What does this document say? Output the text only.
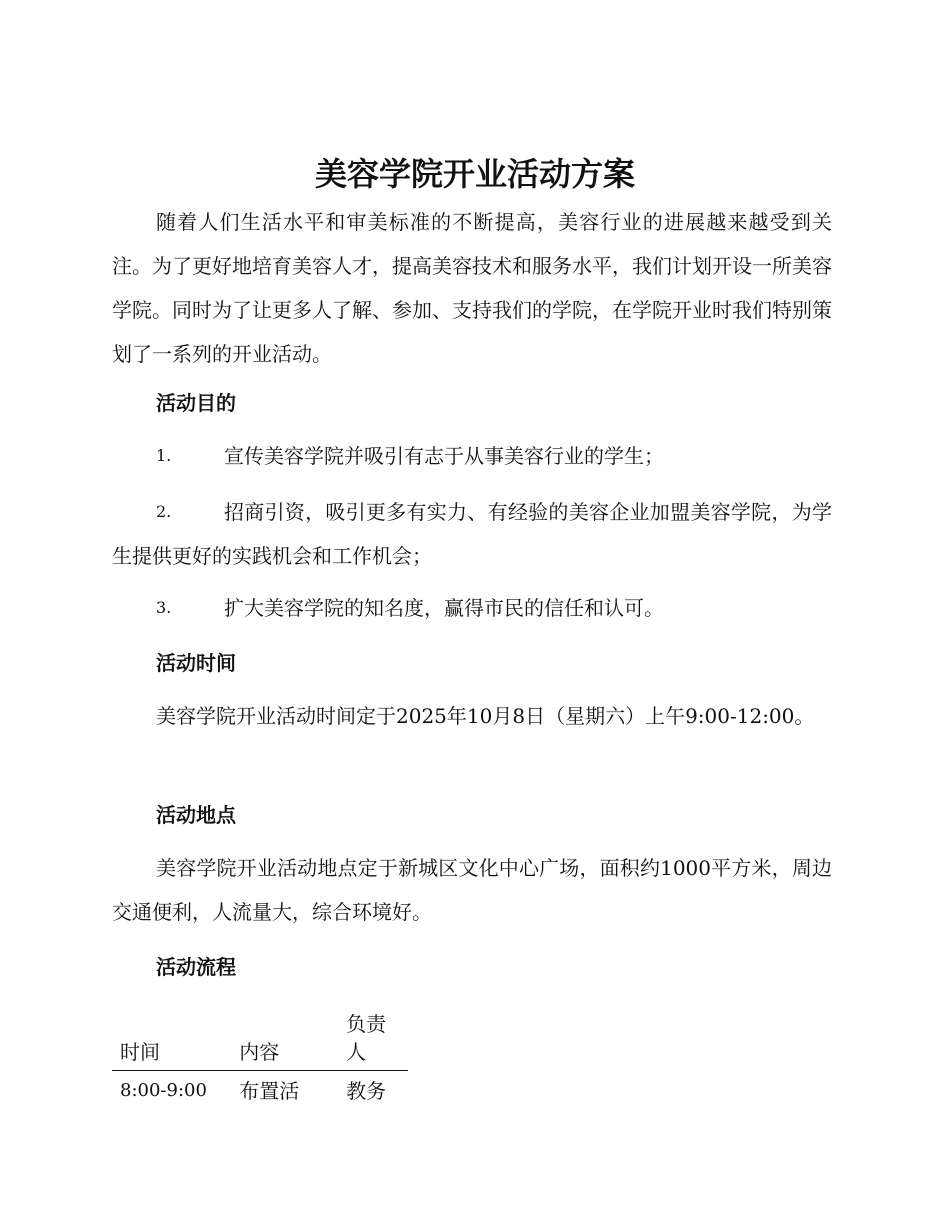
美容学院开业活动方案

随着人们生活水平和审美标准的不断提高，美容行业的进展越来越受到关注。为了更好地培育美容人才，提高美容技术和服务水平，我们计划开设一所美容学院。同时为了让更多人了解、参加、支持我们的学院，在学院开业时我们特别策划了一系列的开业活动。

活动目的
1.	宣传美容学院并吸引有志于从事美容行业的学生；
2.	招商引资，吸引更多有实力、有经验的美容企业加盟美容学院，为学生提供更好的实践机会和工作机会；
3.	扩大美容学院的知名度，赢得市民的信任和认可。
活动时间

美容学院开业活动时间定于2025年10月8日（星期六）上午9:00-12:00。

活动地点

美容学院开业活动地点定于新城区文化中心广场，面积约1000平方米，周边交通便利，人流量大，综合环境好。

活动流程
时间	内容	负责人
8:00-9:00	布置活	教务
